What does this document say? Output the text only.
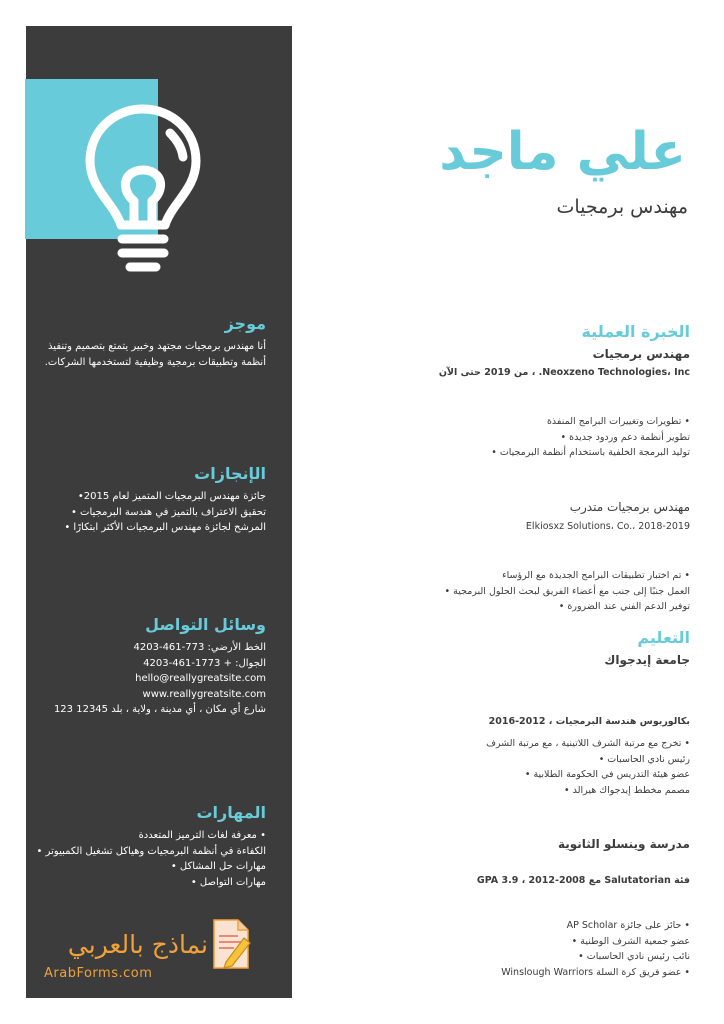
موجز
أنا مهندس برمجيات مجتهد وخبير يتمتع بتصميم وتنفيذ
أنظمة وتطبيقات برمجية وظيفية لتستخدمها الشركات.
الإنجازات
جائزة مهندس البرمجيات المتميز لعام 2015•
تحقيق الاعتراف بالتميز في هندسة البرمجيات •
المرشح لجائزة مهندس البرمجيات الأكثر ابتكارًا •
وسائل التواصل
الخط الأرضي: 773-461-4203
الجوال: + 1773-461-4203
hello@reallygreatsite.com
www.reallygreatsite.com
شارع أي مكان ، أي مدينة ، ولاية ، بلد 12345 123
المهارات
• معرفة لغات الترميز المتعددة
الكفاءة في أنظمة البرمجيات وهياكل تشغيل الكمبيوتر •
مهارات حل المشاكل •
مهارات التواصل •
نماذج بالعربي
ArabForms.com
علي ماجد
مهندس برمجيات
الخبرة العملية
مهندس برمجيات
Neoxzeno Technologies، Inc. ، من 2019 حتى الآن
• تطويرات وتغييرات البرامج المنفذة
تطوير أنظمة دعم وردود جديدة •
توليد البرمجة الخلفية باستخدام أنظمة البرمجيات •
مهندس برمجيات متدرب
Elkiosxz Solutions، Co.، 2018-2019
• تم اختبار تطبيقات البرامج الجديدة مع الرؤساء
العمل جنبًا إلى جنب مع أعضاء الفريق لبحث الحلول البرمجية •
توفير الدعم الفني عند الضرورة •
التعليم
جامعة إيدجواك
بكالوريوس هندسة البرمجيات ، 2012-2016
• تخرج مع مرتبة الشرف اللاتينية ، مع مرتبة الشرف
رئيس نادي الحاسبات •
عضو هيئة التدريس في الحكومة الطلابية •
مصمم مخطط إيدجواك هيرالد •
مدرسة وينسلو الثانوية
فئة Salutatorian مع 2008-2012 ، GPA 3.9
• حائز على جائزة AP Scholar
عضو جمعية الشرف الوطنية •
نائب رئيس نادي الحاسبات •
• عضو فريق كرة السلة Winslough Warriors
